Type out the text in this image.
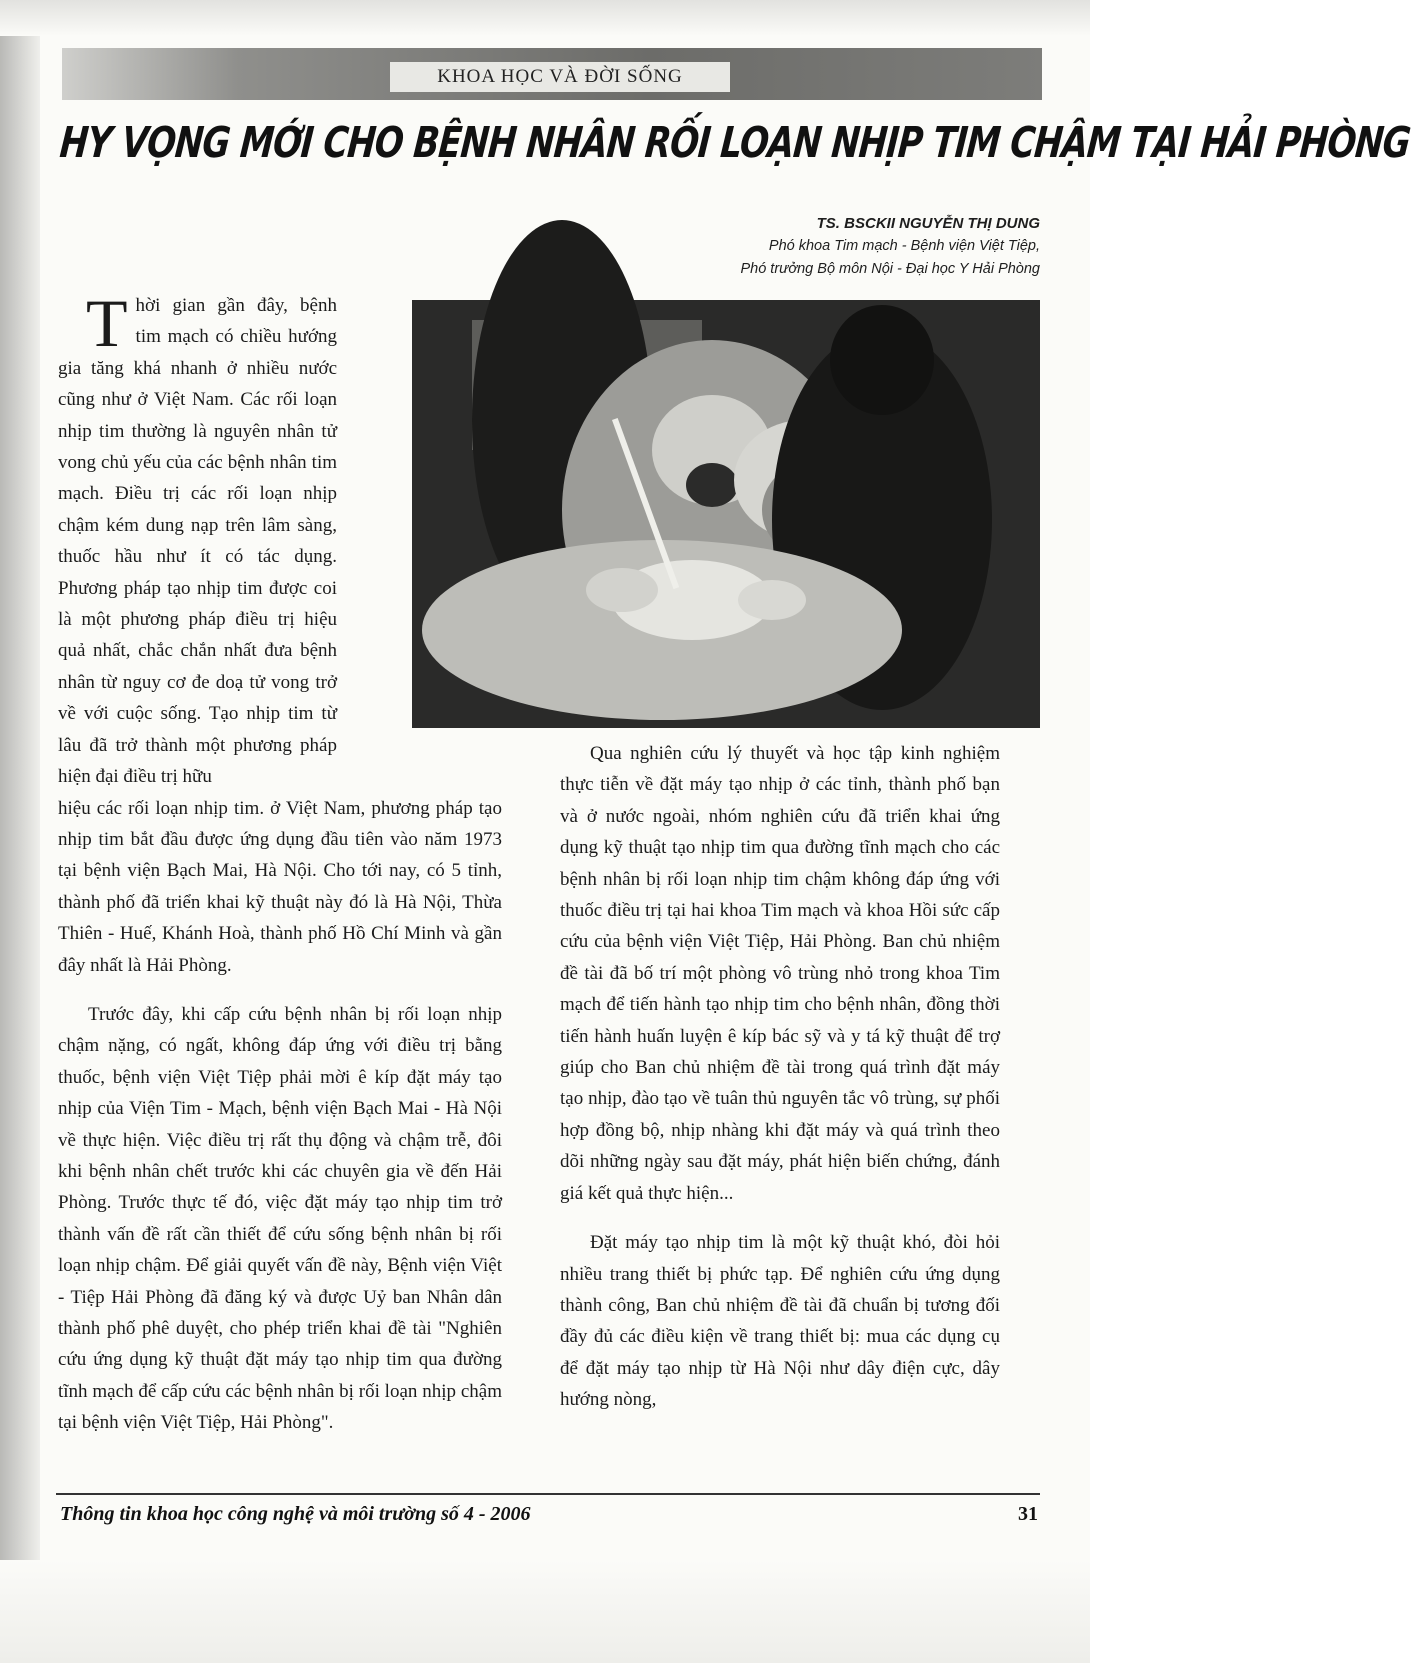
KHOA HỌC VÀ ĐỜI SỐNG
HY VỌNG MỚI CHO BỆNH NHÂN RỐI LOẠN NHỊP TIM CHẬM TẠI HẢI PHÒNG
TS. BSCKII NGUYỄN THỊ DUNG
Phó khoa Tim mạch - Bệnh viện Việt Tiệp,
Phó trưởng Bộ môn Nội - Đại học Y Hải Phòng
Thời gian gần đây, bệnh tim mạch có chiều hướng gia tăng khá nhanh ở nhiều nước cũng như ở Việt Nam. Các rối loạn nhịp tim thường là nguyên nhân tử vong chủ yếu của các bệnh nhân tim mạch. Điều trị các rối loạn nhịp chậm kém dung nạp trên lâm sàng, thuốc hầu như ít có tác dụng. Phương pháp tạo nhịp tim được coi là một phương pháp điều trị hiệu quả nhất, chắc chắn nhất đưa bệnh nhân từ nguy cơ đe doạ tử vong trở về với cuộc sống. Tạo nhịp tim từ lâu đã trở thành một phương pháp hiện đại điều trị hữu

hiệu các rối loạn nhịp tim. ở Việt Nam, phương pháp tạo nhịp tim bắt đầu được ứng dụng đầu tiên vào năm 1973 tại bệnh viện Bạch Mai, Hà Nội. Cho tới nay, có 5 tỉnh, thành phố đã triển khai kỹ thuật này đó là Hà Nội, Thừa Thiên - Huế, Khánh Hoà, thành phố Hồ Chí Minh và gần đây nhất là Hải Phòng.

Trước đây, khi cấp cứu bệnh nhân bị rối loạn nhịp chậm nặng, có ngất, không đáp ứng với điều trị bằng thuốc, bệnh viện Việt Tiệp phải mời ê kíp đặt máy tạo nhịp của Viện Tim - Mạch, bệnh viện Bạch Mai - Hà Nội về thực hiện. Việc điều trị rất thụ động và chậm trễ, đôi khi bệnh nhân chết trước khi các chuyên gia về đến Hải Phòng. Trước thực tế đó, việc đặt máy tạo nhịp tim trở thành vấn đề rất cần thiết để cứu sống bệnh nhân bị rối loạn nhịp chậm. Để giải quyết vấn đề này, Bệnh viện Việt - Tiệp Hải Phòng đã đăng ký và được Uỷ ban Nhân dân thành phố phê duyệt, cho phép triển khai đề tài "Nghiên cứu ứng dụng kỹ thuật đặt máy tạo nhịp tim qua đường tĩnh mạch để cấp cứu các bệnh nhân bị rối loạn nhịp chậm tại bệnh viện Việt Tiệp, Hải Phòng".

Qua nghiên cứu lý thuyết và học tập kinh nghiệm thực tiễn về đặt máy tạo nhịp ở các tỉnh, thành phố bạn và ở nước ngoài, nhóm nghiên cứu đã triển khai ứng dụng kỹ thuật tạo nhịp tim qua đường tĩnh mạch cho các bệnh nhân bị rối loạn nhịp tim chậm không đáp ứng với thuốc điều trị tại hai khoa Tim mạch và khoa Hồi sức cấp cứu của bệnh viện Việt Tiệp, Hải Phòng. Ban chủ nhiệm đề tài đã bố trí một phòng vô trùng nhỏ trong khoa Tim mạch để tiến hành tạo nhịp tim cho bệnh nhân, đồng thời tiến hành huấn luyện ê kíp bác sỹ và y tá kỹ thuật để trợ giúp cho Ban chủ nhiệm đề tài trong quá trình đặt máy tạo nhịp, đào tạo về tuân thủ nguyên tắc vô trùng, sự phối hợp đồng bộ, nhịp nhàng khi đặt máy và quá trình theo dõi những ngày sau đặt máy, phát hiện biến chứng, đánh giá kết quả thực hiện...

Đặt máy tạo nhịp tim là một kỹ thuật khó, đòi hỏi nhiều trang thiết bị phức tạp. Để nghiên cứu ứng dụng thành công, Ban chủ nhiệm đề tài đã chuẩn bị tương đối đầy đủ các điều kiện về trang thiết bị: mua các dụng cụ để đặt máy tạo nhịp từ Hà Nội như dây điện cực, dây hướng nòng,

Thông tin khoa học công nghệ và môi trường số 4 - 2006	31
